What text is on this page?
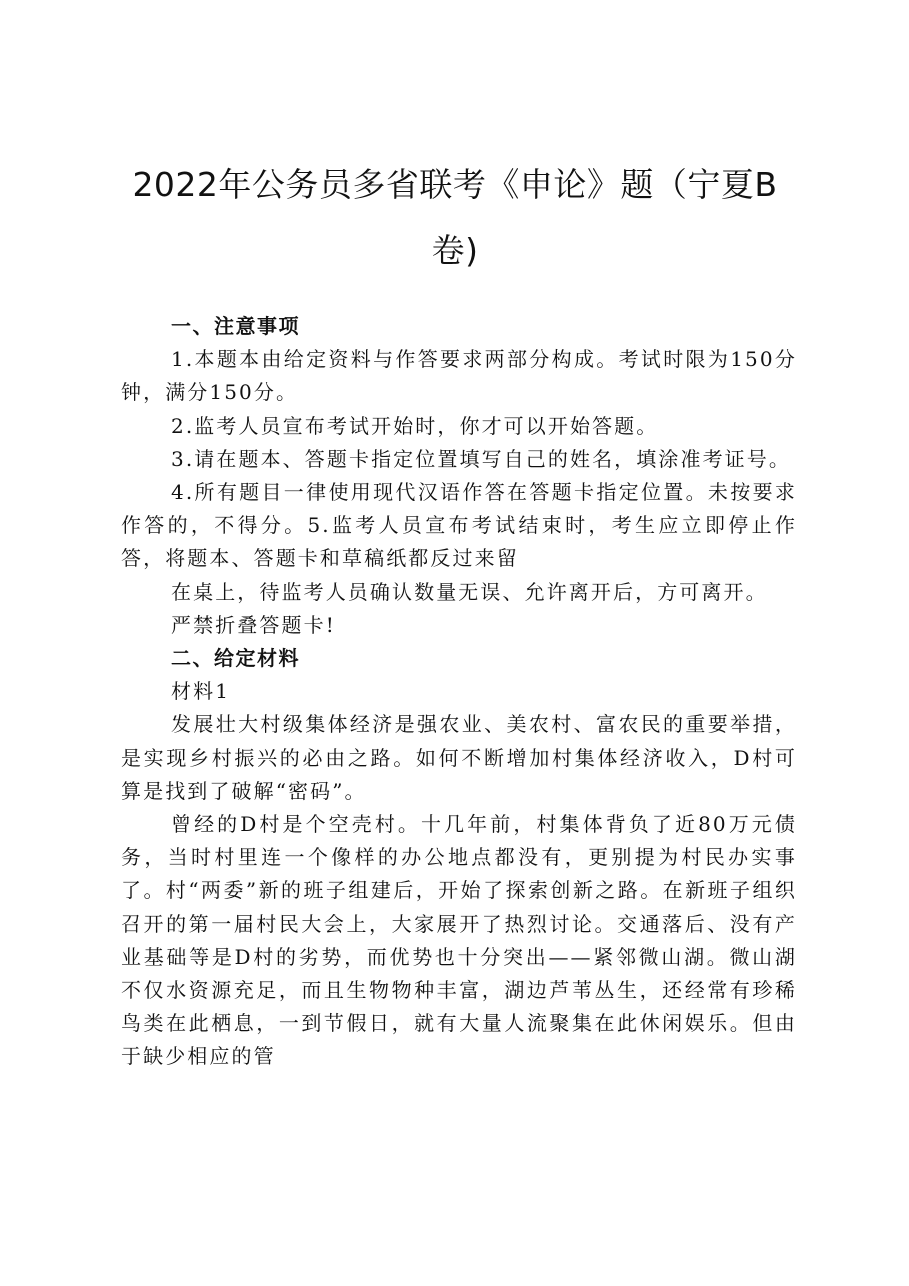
2022年公务员多省联考《申论》题（宁夏B卷)

一、注意事项

1.本题本由给定资料与作答要求两部分构成。考试时限为150分钟，满分150分。

2.监考人员宣布考试开始时，你才可以开始答题。

3.请在题本、答题卡指定位置填写自己的姓名，填涂准考证号。

4.所有题目一律使用现代汉语作答在答题卡指定位置。未按要求作答的，不得分。5.监考人员宣布考试结束时，考生应立即停止作答，将题本、答题卡和草稿纸都反过来留

在桌上，待监考人员确认数量无误、允许离开后，方可离开。

严禁折叠答题卡!

二、给定材料

材料1

发展壮大村级集体经济是强农业、美农村、富农民的重要举措，是实现乡村振兴的必由之路。如何不断增加村集体经济收入，D村可算是找到了破解“密码”。

曾经的D村是个空壳村。十几年前，村集体背负了近80万元债务，当时村里连一个像样的办公地点都没有，更别提为村民办实事了。村“两委”新的班子组建后，开始了探索创新之路。在新班子组织召开的第一届村民大会上，大家展开了热烈讨论。交通落后、没有产业基础等是D村的劣势，而优势也十分突出——紧邻微山湖。微山湖不仅水资源充足，而且生物物种丰富，湖边芦苇丛生，还经常有珍稀鸟类在此栖息，一到节假日，就有大量人流聚集在此休闲娱乐。但由于缺少相应的管
